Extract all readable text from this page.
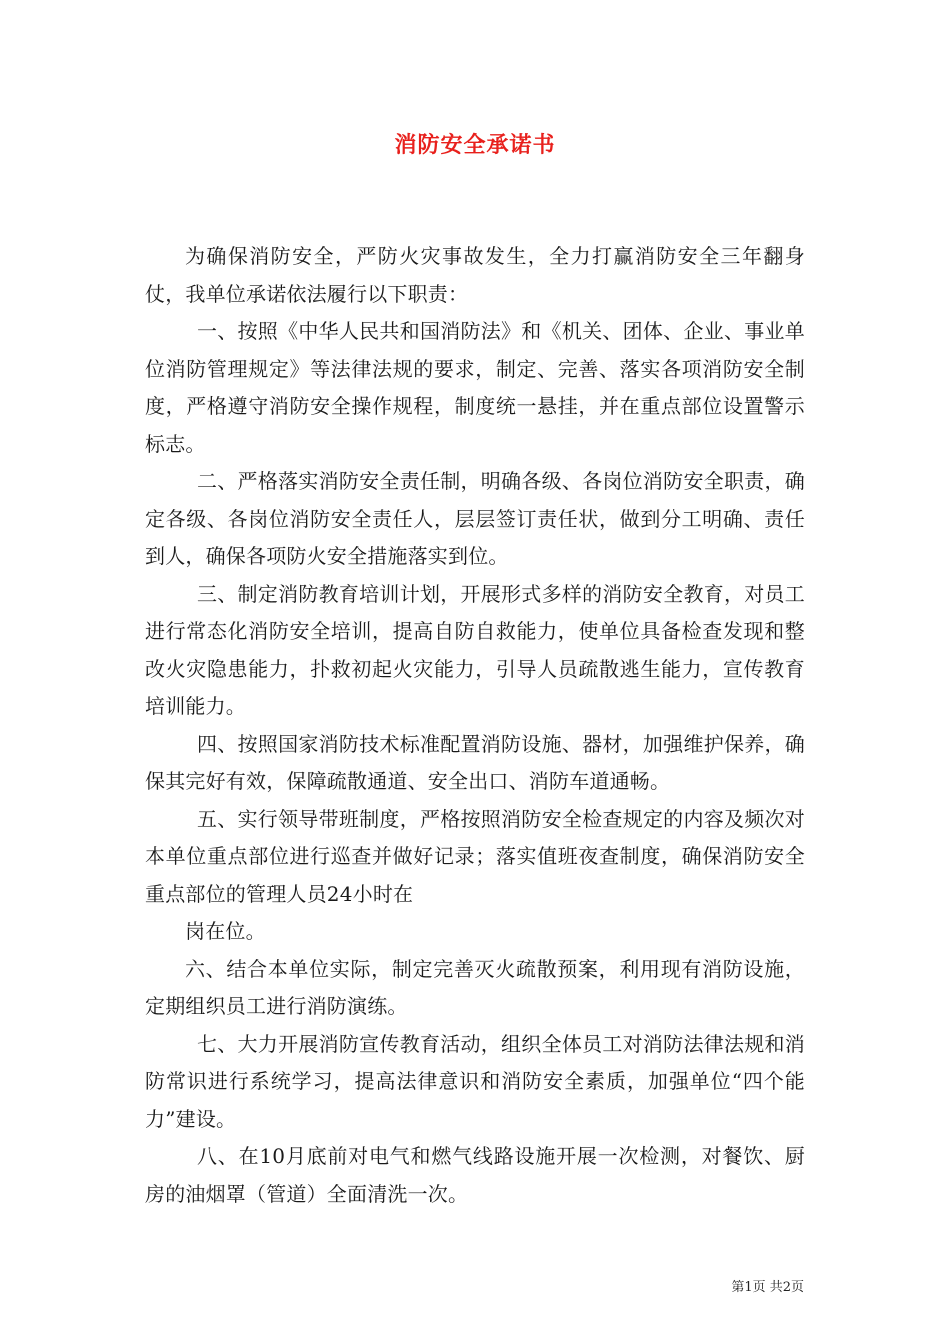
消防安全承诺书

为确保消防安全，严防火灾事故发生，全力打赢消防安全三年翻身仗，我单位承诺依法履行以下职责：

一、按照《中华人民共和国消防法》和《机关、团体、企业、事业单位消防管理规定》等法律法规的要求，制定、完善、落实各项消防安全制度，严格遵守消防安全操作规程，制度统一悬挂，并在重点部位设置警示标志。

二、严格落实消防安全责任制，明确各级、各岗位消防安全职责，确定各级、各岗位消防安全责任人，层层签订责任状，做到分工明确、责任到人，确保各项防火安全措施落实到位。

三、制定消防教育培训计划，开展形式多样的消防安全教育，对员工进行常态化消防安全培训，提高自防自救能力，使单位具备检查发现和整改火灾隐患能力，扑救初起火灾能力，引导人员疏散逃生能力，宣传教育培训能力。

四、按照国家消防技术标准配置消防设施、器材，加强维护保养，确保其完好有效，保障疏散通道、安全出口、消防车道通畅。

五、实行领导带班制度，严格按照消防安全检查规定的内容及频次对本单位重点部位进行巡查并做好记录；落实值班夜查制度，确保消防安全重点部位的管理人员24小时在

岗在位。

六、结合本单位实际，制定完善灭火疏散预案，利用现有消防设施，定期组织员工进行消防演练。

七、大力开展消防宣传教育活动，组织全体员工对消防法律法规和消防常识进行系统学习，提高法律意识和消防安全素质，加强单位“四个能力”建设。

八、在10月底前对电气和燃气线路设施开展一次检测，对餐饮、厨房的油烟罩（管道）全面清洗一次。

第1页 共2页
